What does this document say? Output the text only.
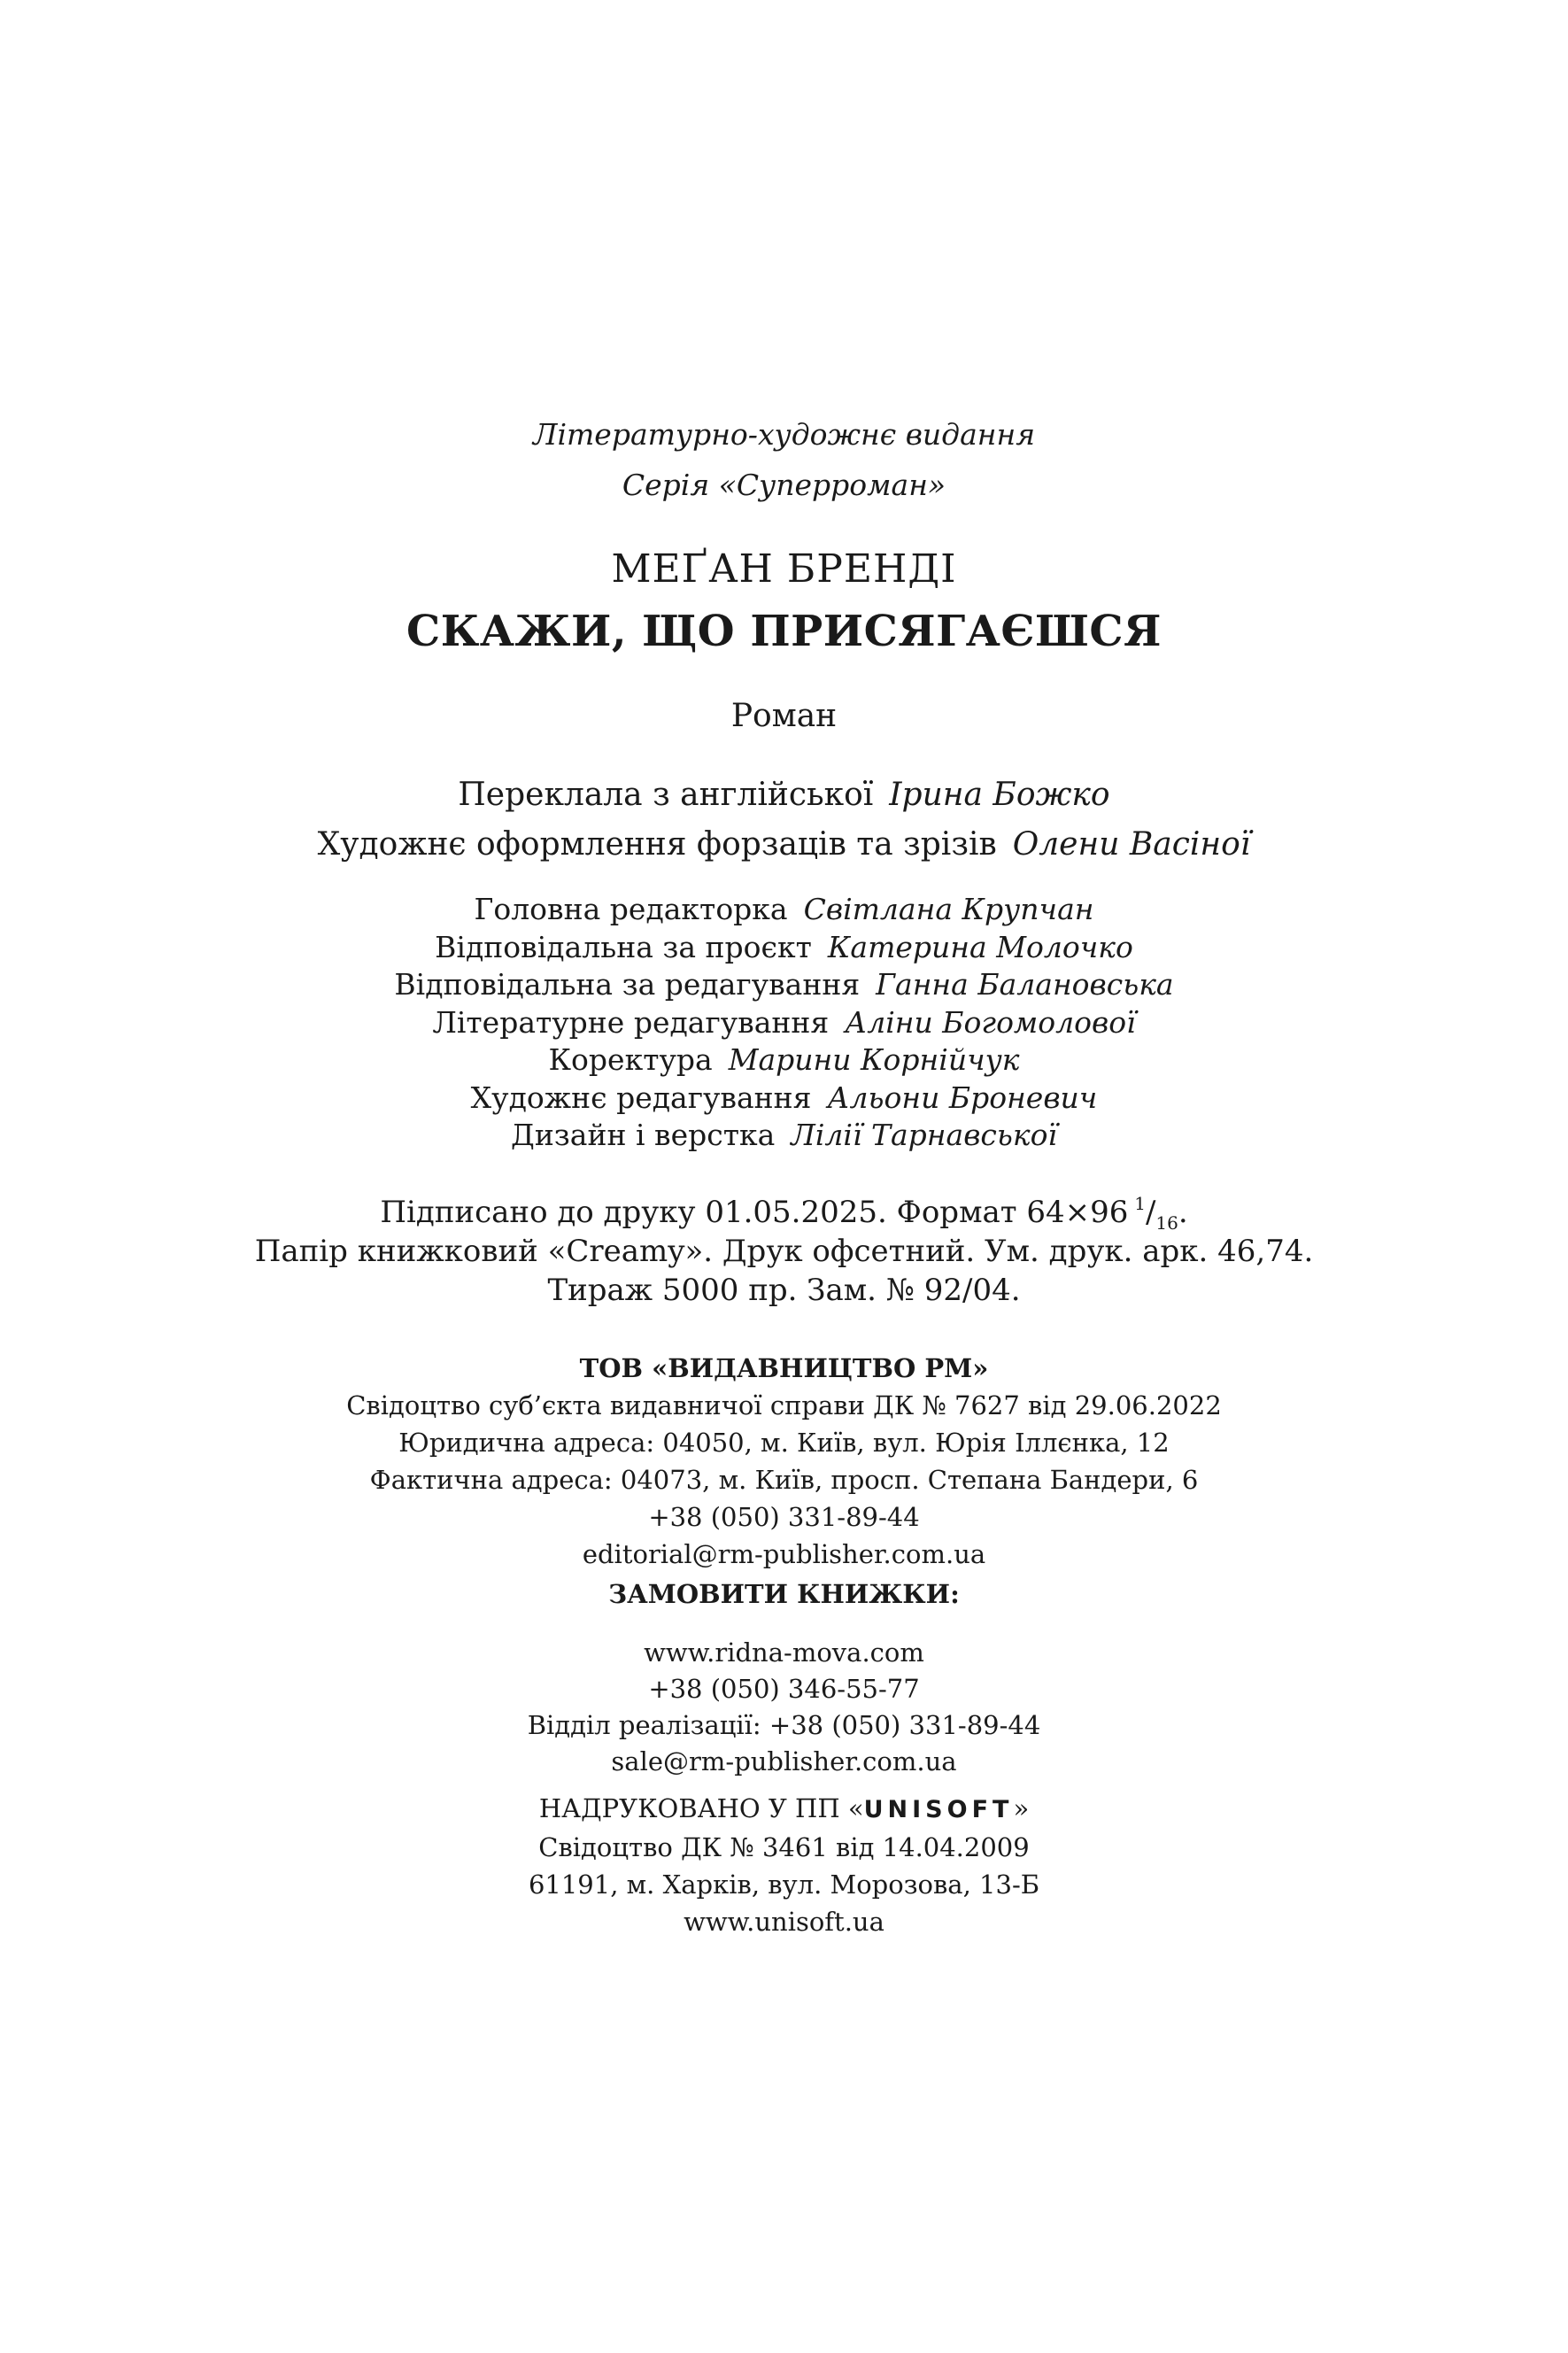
Літературно-художнє видання
Серія «Суперроман»
МЕҐАН БРЕНДІ
СКАЖИ, ЩО ПРИСЯГАЄШСЯ
Роман
Переклала з англійської Ірина Божко
Художнє оформлення форзаців та зрізів Олени Васіної
Головна редакторка Світлана Крупчан
Відповідальна за проєкт Катерина Молочко
Відповідальна за редагування Ганна Балановська
Літературне редагування Аліни Богомолової
Коректура Марини Корнійчук
Художнє редагування Альони Броневич
Дизайн і верстка Лілії Тарнавської
Підписано до друку 01.05.2025. Формат 64×96  $^1/_{16}$.
Папір книжковий «Creamy». Друк офсетний. Ум. друк. арк. 46,74.
Тираж 5000 пр. Зам. № 92/04.
ТОВ «ВИДАВНИЦТВО РМ»
Свідоцтво суб’єкта видавничої справи ДК № 7627 від 29.06.2022
Юридична адреса: 04050, м. Київ, вул. Юрія Іллєнка, 12
Фактична адреса: 04073, м. Київ, просп. Степана Бандери, 6
+38 (050) 331-89-44
editorial@rm-publisher.com.ua
ЗАМОВИТИ КНИЖКИ:
www.ridna-mova.com
+38 (050) 346-55-77
Відділ реалізації: +38 (050) 331-89-44
sale@rm-publisher.com.ua
НАДРУКОВАНО У ПП «UNISOFT»
Свідоцтво ДК № 3461 від 14.04.2009
61191, м. Харків, вул. Морозова, 13-Б
www.unisoft.ua
